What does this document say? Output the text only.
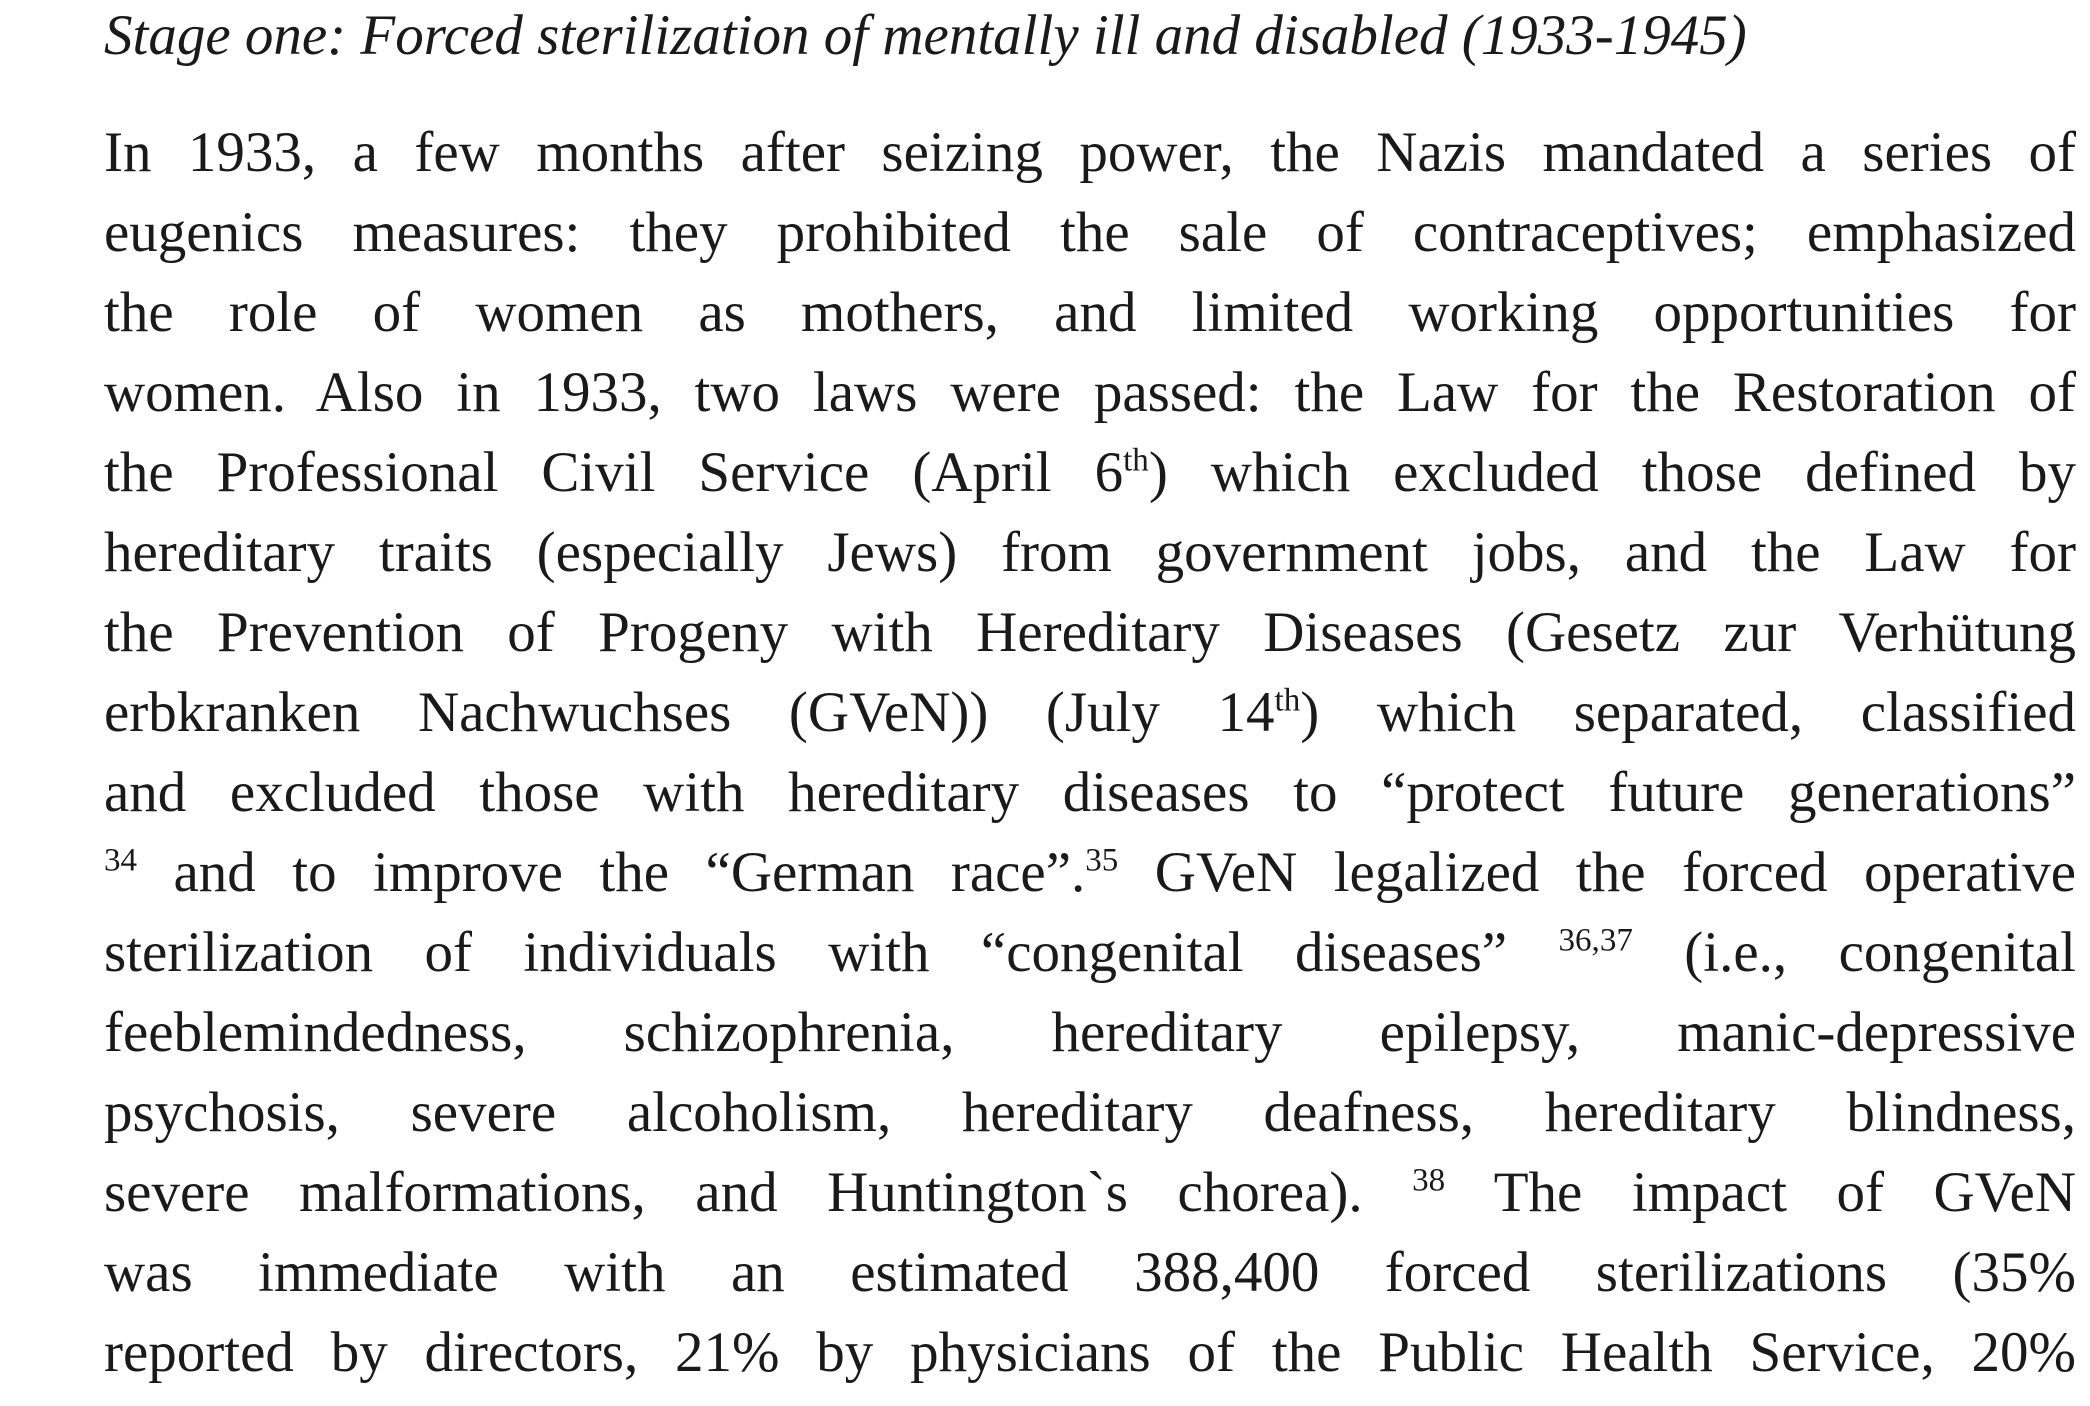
Stage one: Forced sterilization of mentally ill and disabled (1933-1945)
In 1933, a few months after seizing power, the Nazis mandated a series of
eugenics measures: they prohibited the sale of contraceptives; emphasized
the role of women as mothers, and limited working opportunities for
women. Also in 1933, two laws were passed: the Law for the Restoration of
the Professional Civil Service (April 6th) which excluded those defined by
hereditary traits (especially Jews) from government jobs, and the Law for
the Prevention of Progeny with Hereditary Diseases (Gesetz zur Verhütung
erbkranken Nachwuchses (GVeN)) (July 14th) which separated, classified
and excluded those with hereditary diseases to “protect future generations”
$^{34}$ and to improve the “German race”.$^{35}$ GVeN legalized the forced operative
sterilization of individuals with “congenital diseases” $^{36,37}$ (i.e., congenital
feeblemindedness, schizophrenia, hereditary epilepsy, manic-depressive
psychosis, severe alcoholism, hereditary deafness, hereditary blindness,
severe malformations, and Huntington`s chorea). $^{38}$ The impact of GVeN
was immediate with an estimated 388,400 forced sterilizations (35%
reported by directors, 21% by physicians of the Public Health Service, 20%
